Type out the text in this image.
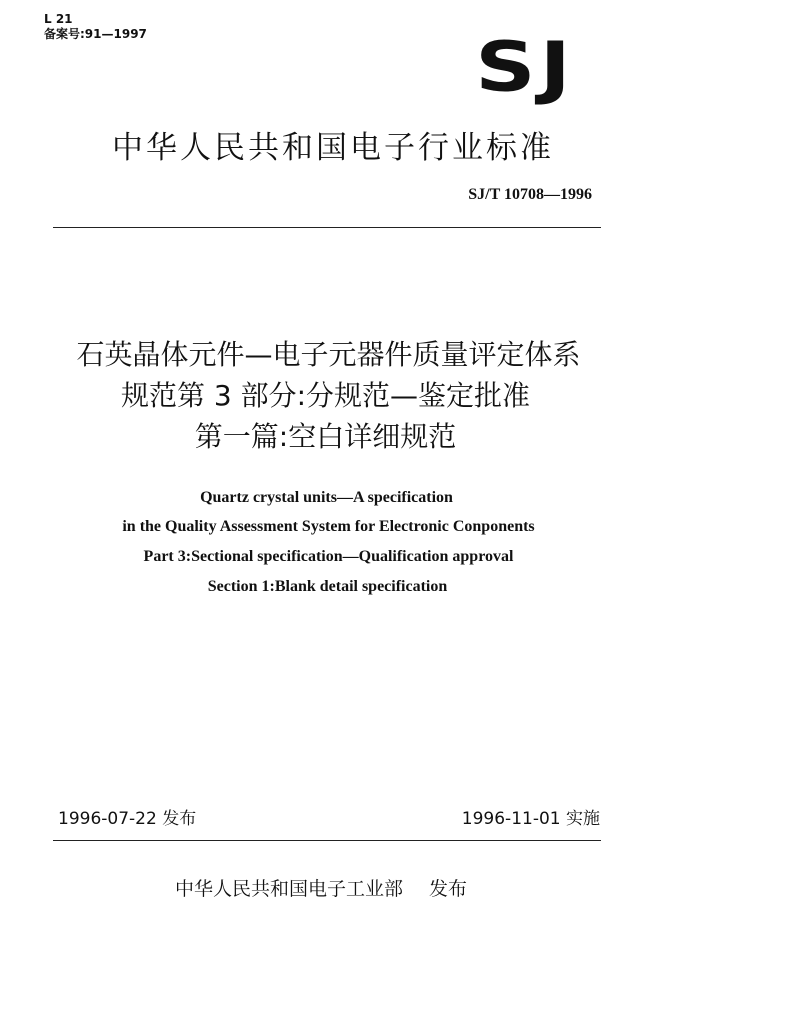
L 21
备案号:91—1997	SJ
中华人民共和国电子行业标准
SJ/T 10708—1996
石英晶体元件—电子元器件质量评定体系
规范第 3 部分:分规范—鉴定批准
第一篇:空白详细规范
Quartz crystal units—A specification
in the Quality Assessment System for Electronic Conponents
Part 3:Sectional specification—Qualification approval
Section 1:Blank detail specification
1996-07-22 发布	1996-11-01 实施
中华人民共和国电子工业部 发布
